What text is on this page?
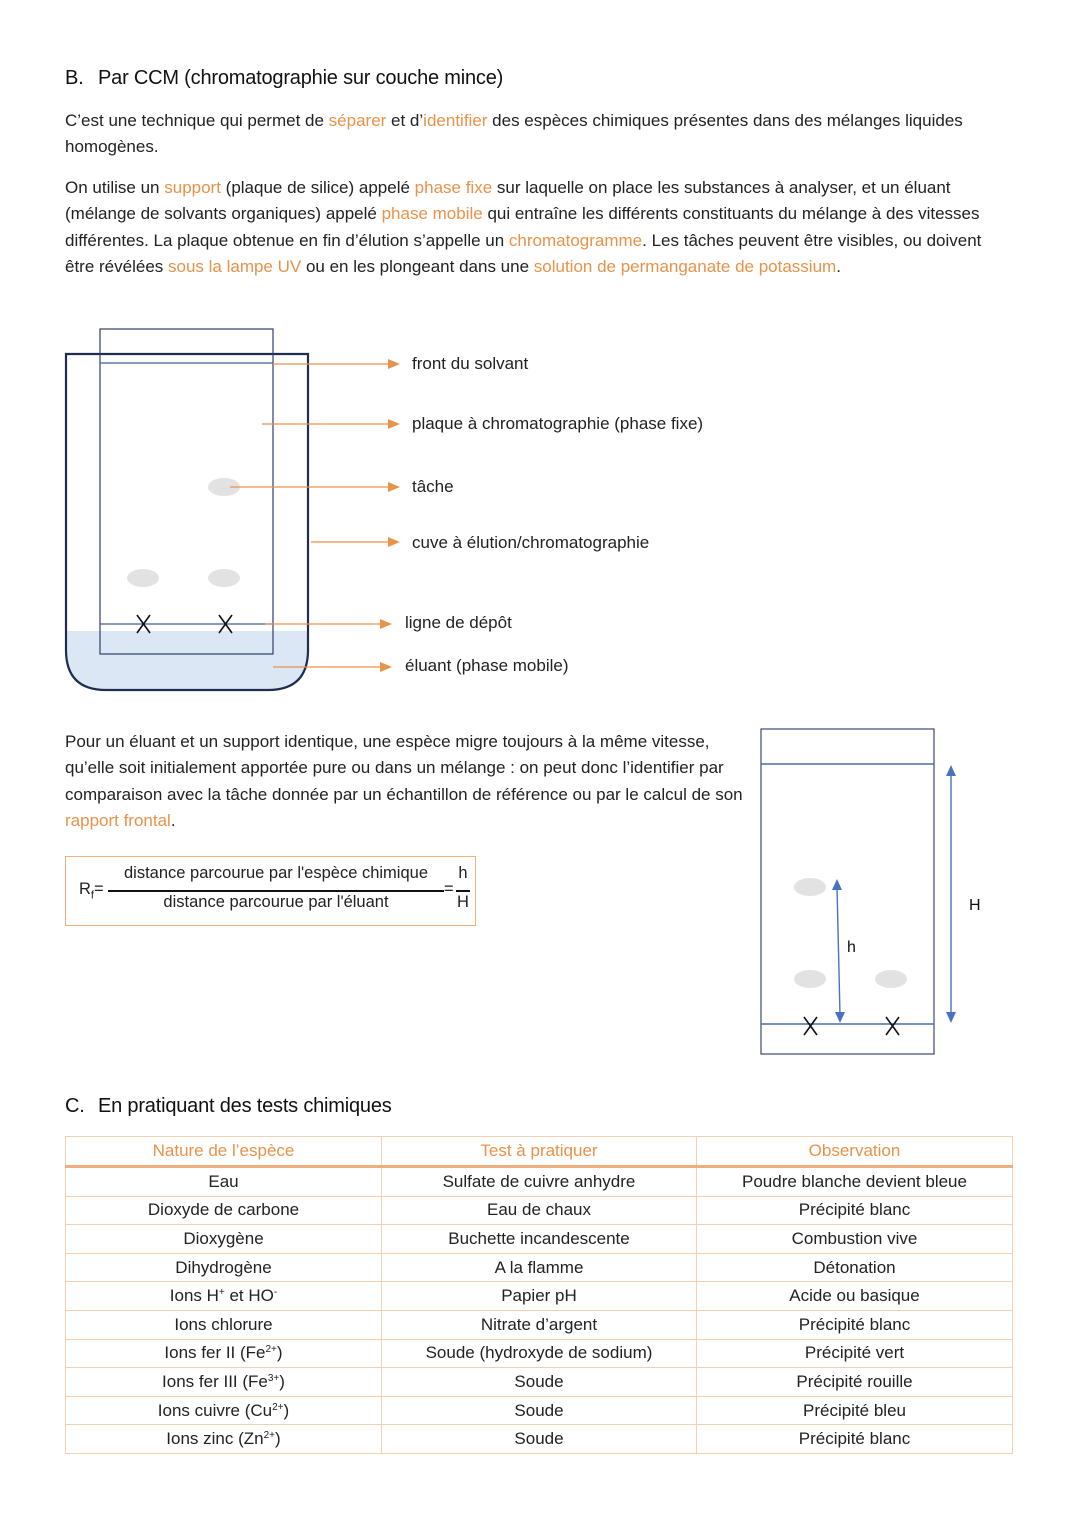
B. Par CCM (chromatographie sur couche mince)
C’est une technique qui permet de séparer et d’identifier des espèces chimiques présentes dans des mélanges liquides homogènes.
On utilise un support (plaque de silice) appelé phase fixe sur laquelle on place les substances à analyser, et un éluant (mélange de solvants organiques) appelé phase mobile qui entraîne les différents constituants du mélange à des vitesses différentes. La plaque obtenue en fin d’élution s’appelle un chromatogramme. Les tâches peuvent être visibles, ou doivent être révélées sous la lampe UV ou en les plongeant dans une solution de permanganate de potassium.
front du solvant
plaque à chromatographie (phase fixe)
tâche
cuve à élution/chromatographie
ligne de dépôt
éluant (phase mobile)
Pour un éluant et un support identique, une espèce migre toujours à la même vitesse, qu’elle soit initialement apportée pure ou dans un mélange : on peut donc l’identifier par comparaison avec la tâche donnée par un échantillon de référence ou par le calcul de son rapport frontal.
$R_f=$
distance parcourue par l'espèce chimique
distance parcourue par l'éluant
=
h
H
h
H
C. En pratiquant des tests chimiques
Nature de l’espèce	Test à pratiquer	Observation
Eau	Sulfate de cuivre anhydre	Poudre blanche devient bleue
Dioxyde de carbone	Eau de chaux	Précipité blanc
Dioxygène	Buchette incandescente	Combustion vive
Dihydrogène	A la flamme	Détonation
Ions H+ et HO-	Papier pH	Acide ou basique
Ions chlorure	Nitrate d’argent	Précipité blanc
Ions fer II $(Fe^{2+})$	Soude (hydroxyde de sodium)	Précipité vert
Ions fer III $(Fe^{3+})$	Soude	Précipité rouille
Ions cuivre $(Cu^{2+})$	Soude	Précipité bleu
Ions zinc $(Zn^{2+})$	Soude	Précipité blanc
